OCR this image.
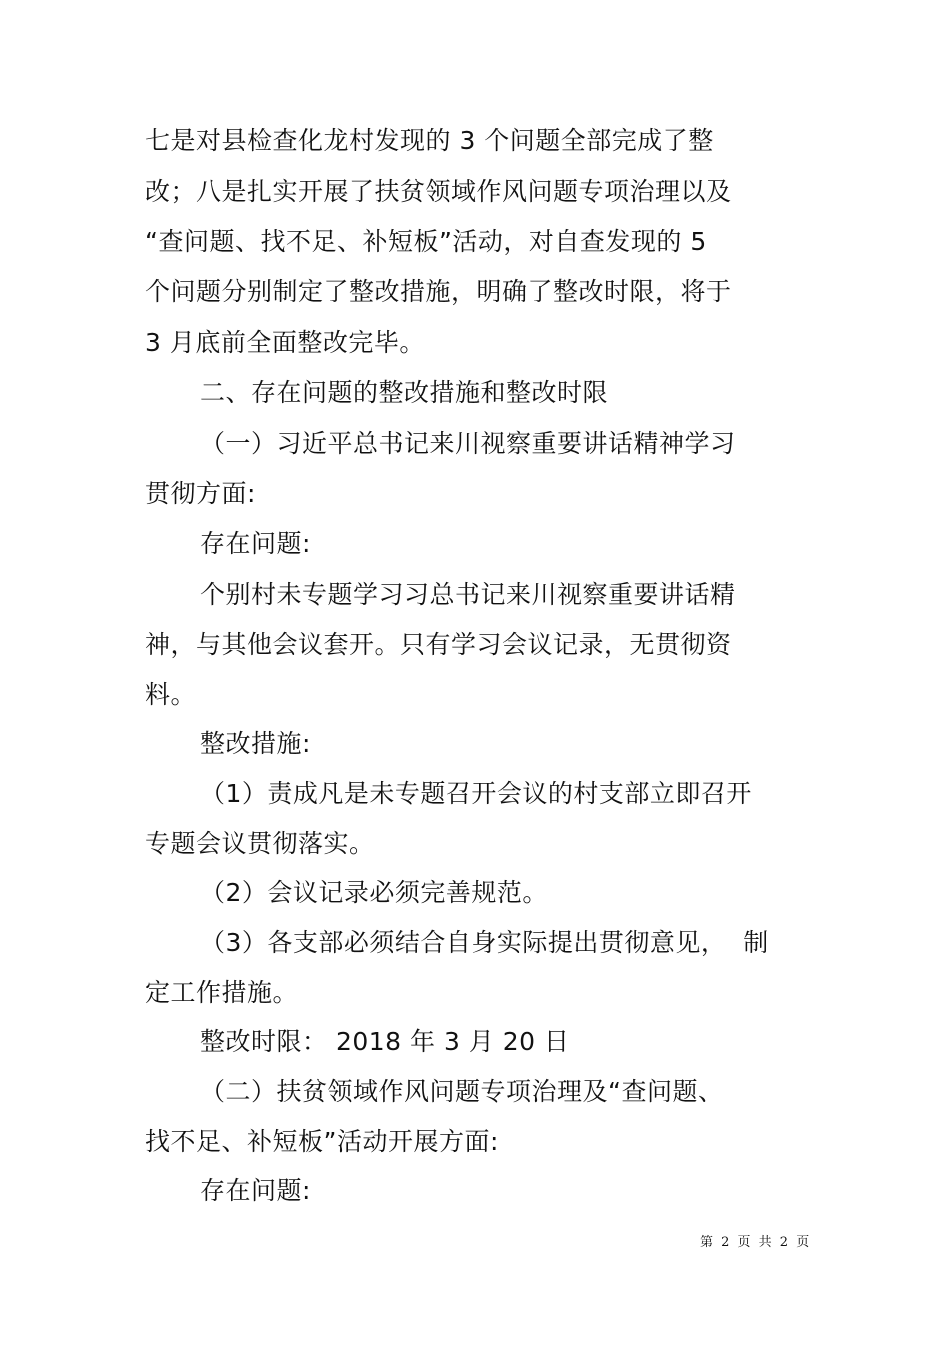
七是对县检查化龙村发现的 3 个问题全部完成了整
改；八是扎实开展了扶贫领域作风问题专项治理以及
“查问题、找不足、补短板”活动，对自查发现的 5
个问题分别制定了整改措施，明确了整改时限，将于
3 月底前全面整改完毕。
二、存在问题的整改措施和整改时限
（一）习近平总书记来川视察重要讲话精神学习
贯彻方面:
存在问题:
个别村未专题学习习总书记来川视察重要讲话精
神，与其他会议套开。只有学习会议记录，无贯彻资
料。
整改措施:
（1）责成凡是未专题召开会议的村支部立即召开
专题会议贯彻落实。
（2）会议记录必须完善规范。
（3）各支部必须结合自身实际提出贯彻意见，  制
定工作措施。
整改时限： 2018 年 3 月 20 日
（二）扶贫领域作风问题专项治理及“查问题、
找不足、补短板”活动开展方面:
存在问题:
第 2 页 共 2 页
